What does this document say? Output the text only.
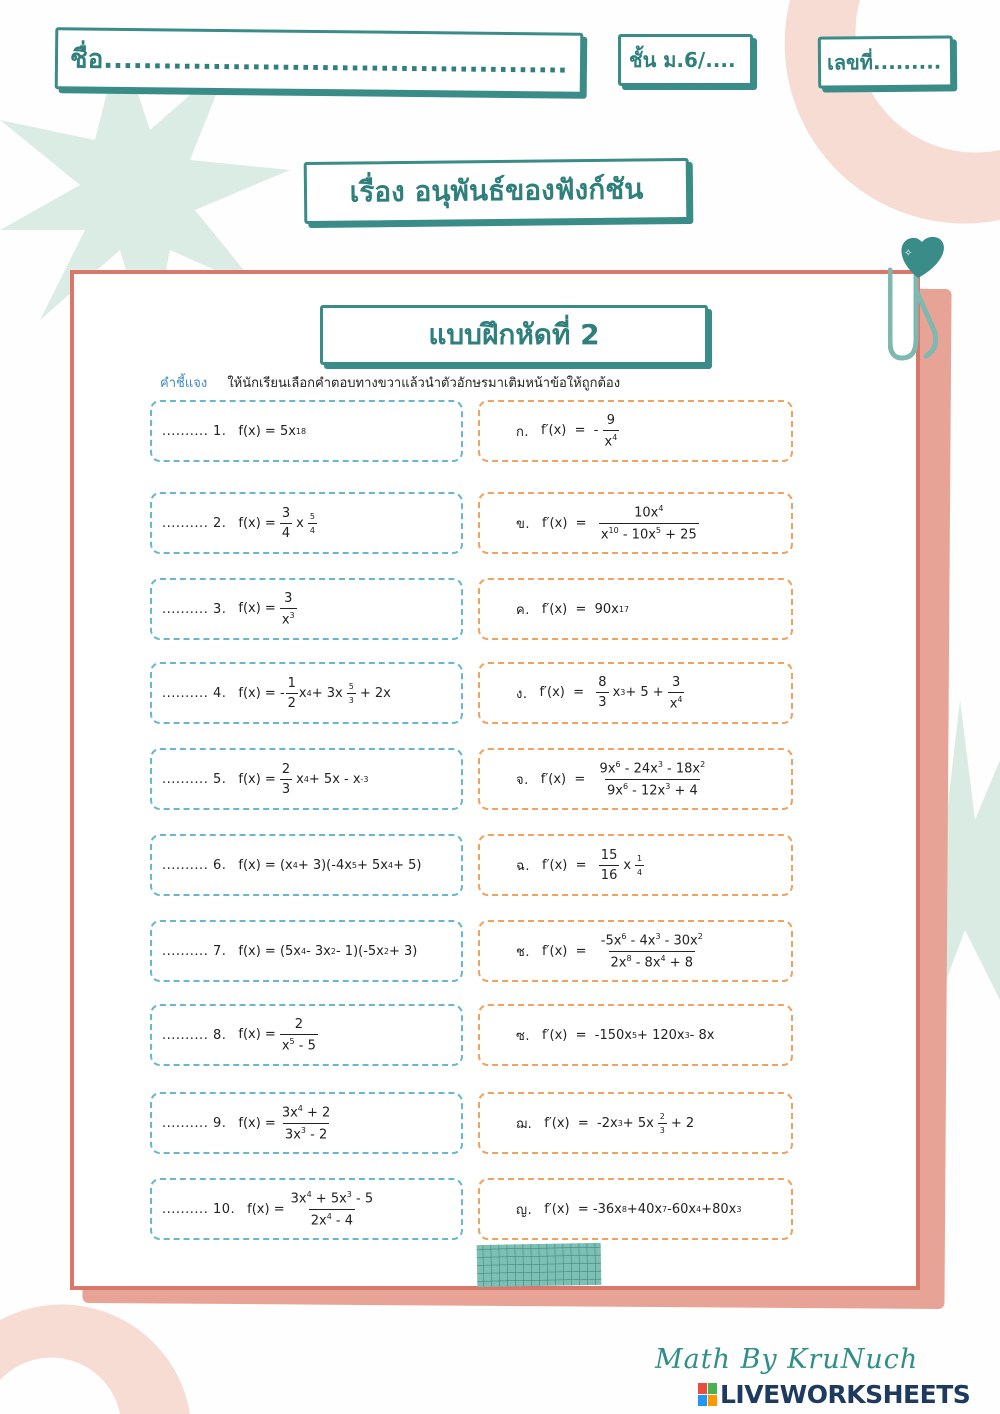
ชื่อ...............................................	ชั้น ม.6/....	เลขที่.........
เรื่อง อนุพันธ์ของฟังก์ชัน
✧
แบบฝึกหัดที่ 2
คำชี้แจง ให้นักเรียนเลือกคำตอบทางขวาแล้วนำตัวอักษรมาเติมหน้าข้อให้ถูกต้อง
.......... 1. f(x) = 5x 18
.......... 2. $f(x) = \frac{3}{4}$ x $\frac{5}{4}$
.......... 3. $f(x) = \frac{3}{x^3}$
.......... 4. f(x) = - $\frac{1}{2}$ x $4 + 3x \frac{5}{3} + 2x$
.......... 5. $f(x) = \frac{2}{3}$ x 4 + 5x - x -3
.......... 6. f(x) = (x 4 + 3)(-4x 5 + 5x 4 + 5)
.......... 7. f(x) = (5x 4 - 3x 2 - 1)(-5x 2 + 3)
.......... 8. $f(x) = \frac{2}{x^5 - 5}$
.......... 9. $f(x) = \frac{3x^4 + 2}{3x^3 - 2}$
.......... 10. $f(x) = \frac{3x^4 + 5x^3 - 5}{2x^4 - 4}$
ก. f′(x)  =  - $\frac{9}{x^4}$
ข. $f'(x) = \frac{10x^4}{x^{10} - 10x^5 + 25}$
ค. f′(x)  =  90x 17
ง. $f'(x) = \frac{8}{3}$ x $3 + 5 + \frac{3}{x^4}$
จ. $f'(x) = \frac{9x^6 - 24x^3 - 18x^2}{9x^6 - 12x^3 + 4}$
ฉ. $f'(x) = \frac{15}{16}$ x $\frac{1}{4}$
ช. $f'(x) = \frac{-5x^6 - 4x^3 - 30x^2}{2x^8 - 8x^4 + 8}$
ซ. f′(x)  =  -150x 5 + 120x 3 - 8x
ฌ. f′(x)  =  -2x $3 + 5x \frac{2}{3} + 2$
ญ. f′(x)  = -36x 8 +40x 7 -60x 4 +80x 3
Math By KruNuch
LIVEWORKSHEETS
